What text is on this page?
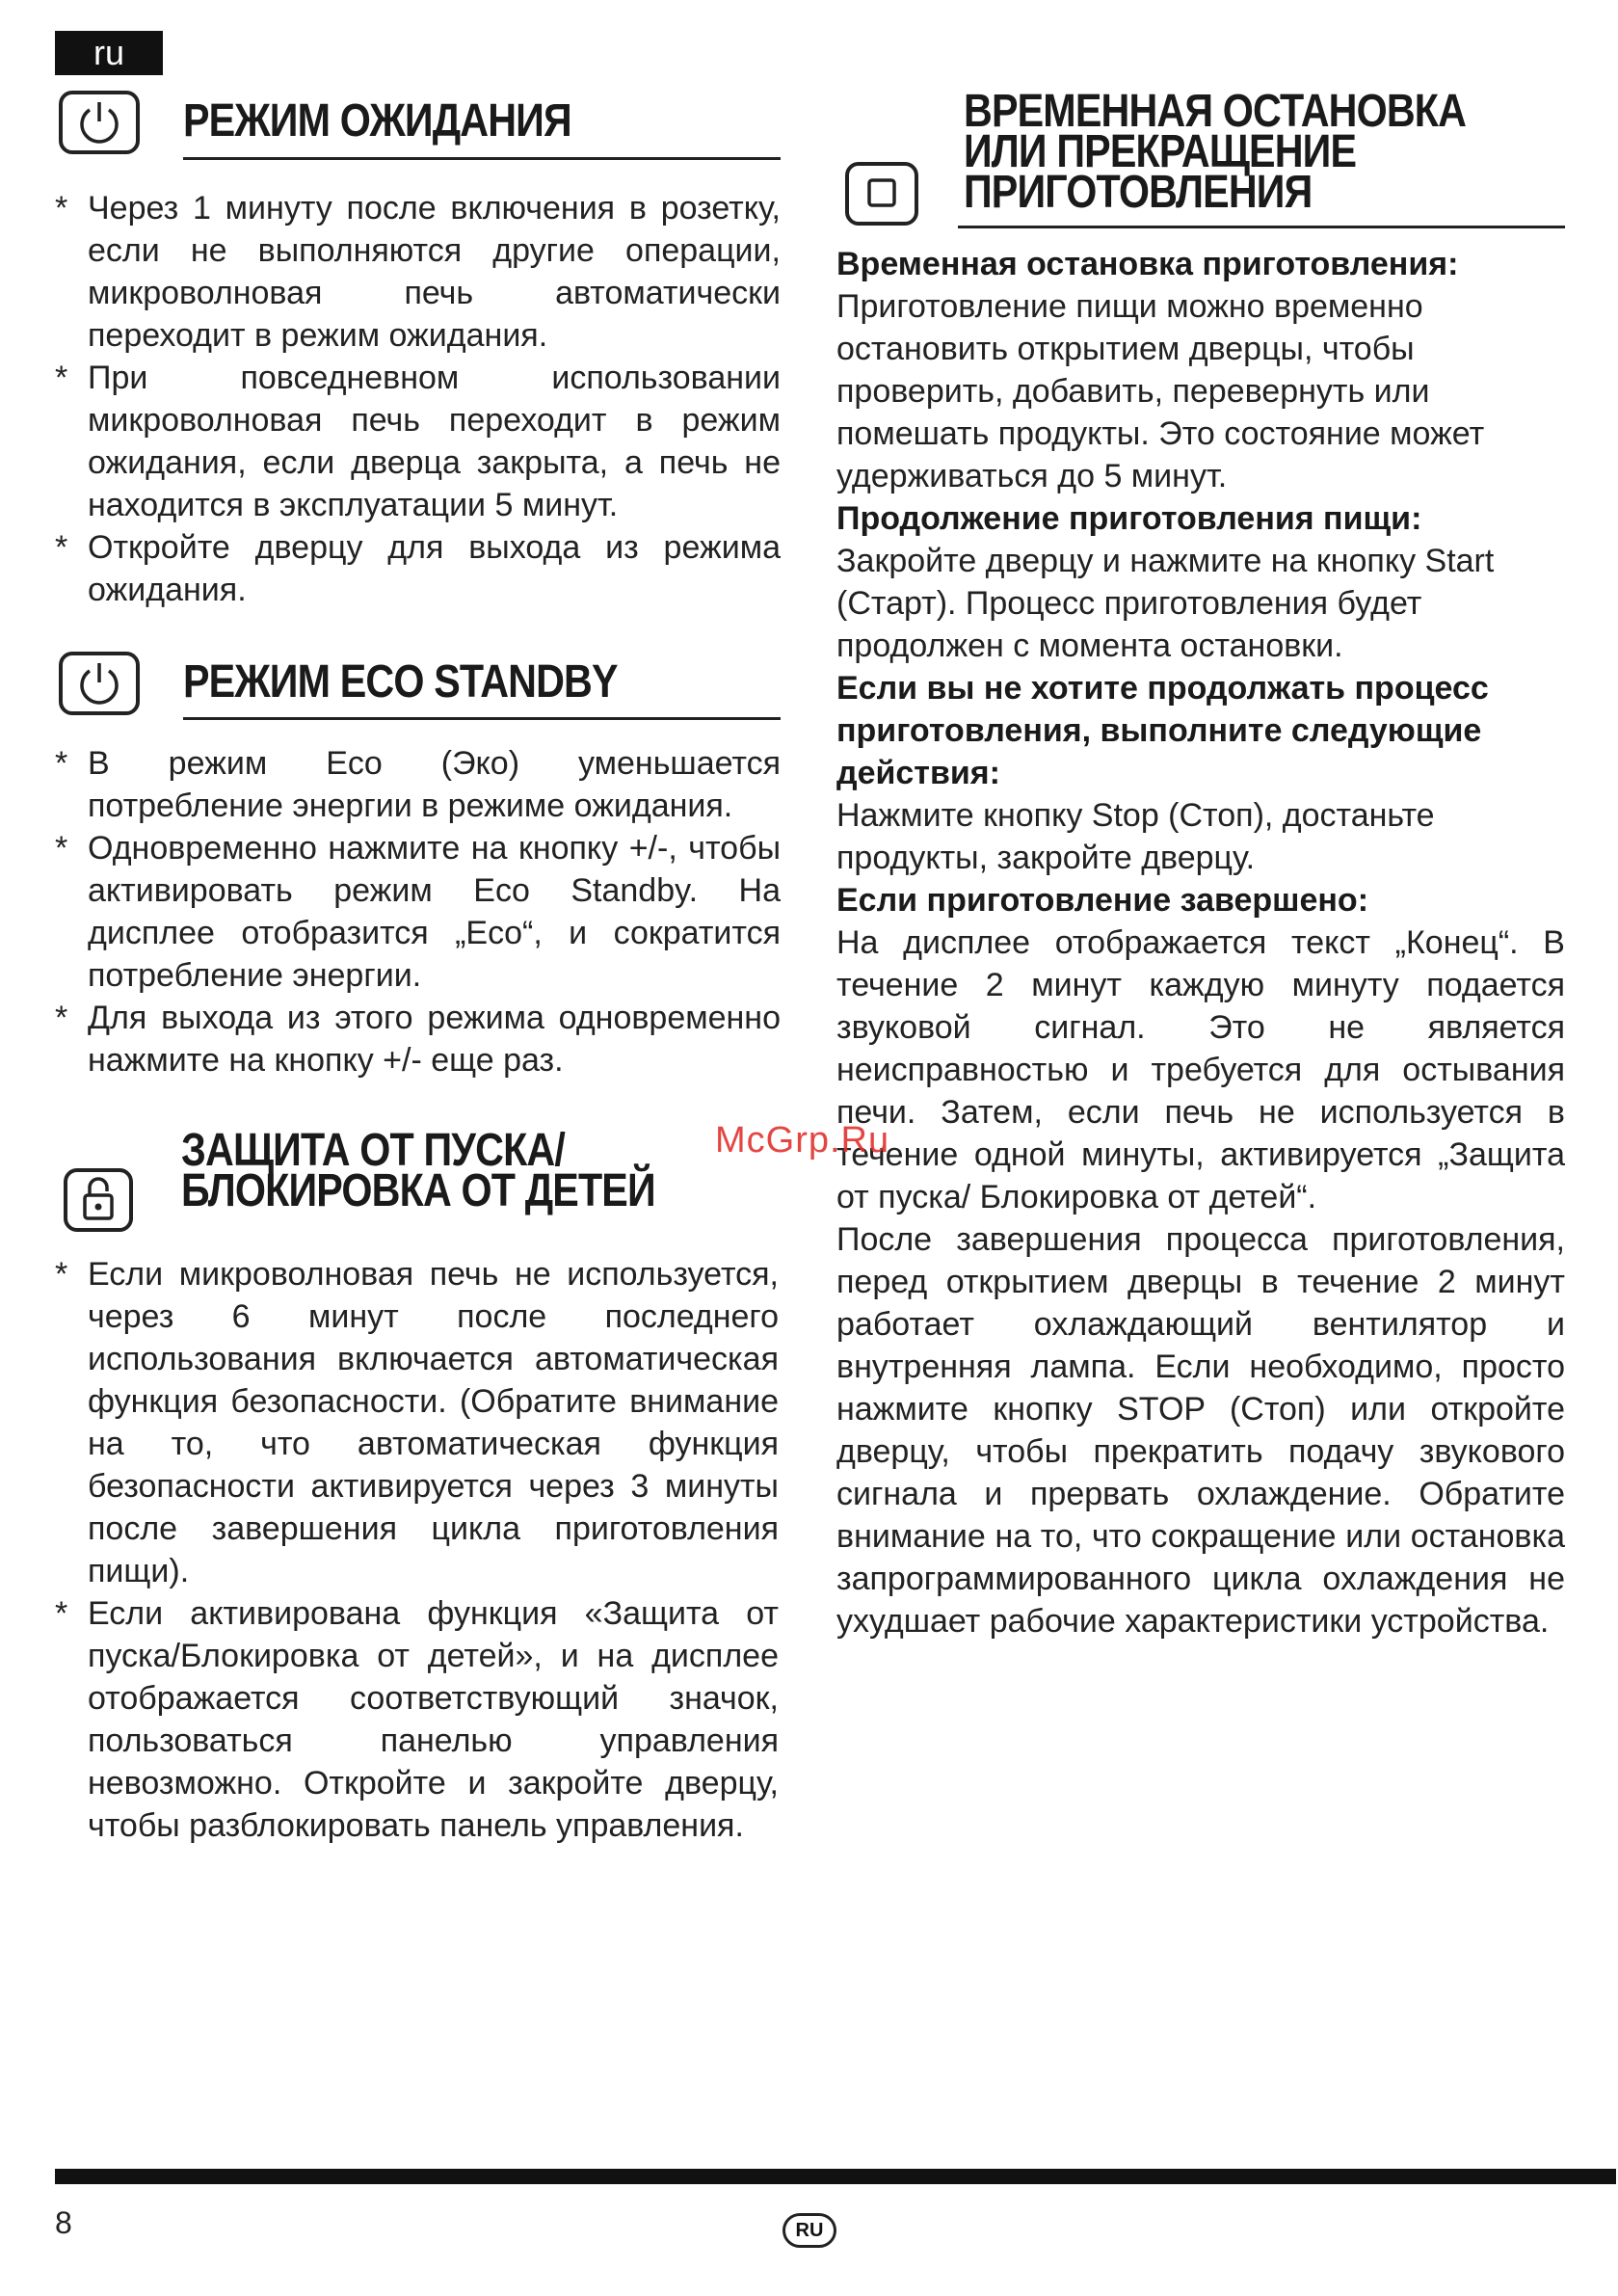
ru
РЕЖИМ ОЖИДАНИЯ
* Через 1 минуту после включения в розетку, если не выполняются другие операции, микроволновая печь автоматически переходит в режим ожидания.
* При повседневном использовании микроволновая печь переходит в режим ожидания, если дверца закрыта, а печь не находится в эксплуатации 5 минут.
* Откройте дверцу для выхода из режима ожидания.
РЕЖИМ ECO STANDBY
* В режим Eco (Эко) уменьшается потребление энергии в режиме ожидания.
* Одновременно нажмите на кнопку +/-, чтобы активировать режим Eco Standby. На дисплее отобразится „Eco“, и сократится потребление энергии.
* Для выхода из этого режима одновременно нажмите на кнопку +/- еще раз.
ЗАЩИТА ОТ ПУСКА/
БЛОКИРОВКА ОТ ДЕТЕЙ
* Если микроволновая печь не используется, через 6 минут после последнего использования включается автоматическая функция безопасности. (Обратите внимание на то, что автоматическая функция безопасности активируется через 3 минуты после завершения цикла приготовления пищи).
* Если активирована функция «Защита от пуска/Блокировка от детей», и на дисплее отображается соответствующий значок, пользоваться панелью управления невозможно. Откройте и закройте дверцу, чтобы разблокировать панель управления.
ВРЕМЕННАЯ ОСТАНОВКА
ИЛИ ПРЕКРАЩЕНИЕ
ПРИГОТОВЛЕНИЯ

Временная остановка приготовления:

Приготовление пищи можно временно остановить открытием дверцы, чтобы проверить, добавить, перевернуть или помешать продукты. Это состояние может удерживаться до 5 минут.

Продолжение приготовления пищи:

Закройте дверцу и нажмите на кнопку Start (Старт). Процесс приготовления будет продолжен с момента остановки.

Если вы не хотите продолжать процесс приготовления, выполните следующие действия:

Нажмите кнопку Stop (Стоп), достаньте продукты, закройте дверцу.

Если приготовление завершено:

На дисплее отображается текст „Конец“. В течение 2 минут каждую минуту подается звуковой сигнал. Это не является неисправностью и требуется для остывания печи. Затем, если печь не используется в течение одной минуты, активируется „Защита от пуска/ Блокировка от детей“.

После завершения процесса приготовления, перед открытием дверцы в течение 2 минут работает охлаждающий вентилятор и внутренняя лампа. Если необходимо, просто нажмите кнопку STOP (Стоп) или откройте дверцу, чтобы прекратить подачу звукового сигнала и прервать охлаждение. Обратите внимание на то, что сокращение или остановка запрограммированного цикла охлаждения не ухудшает рабочие характеристики устройства.

McGrp.Ru
8	RU
